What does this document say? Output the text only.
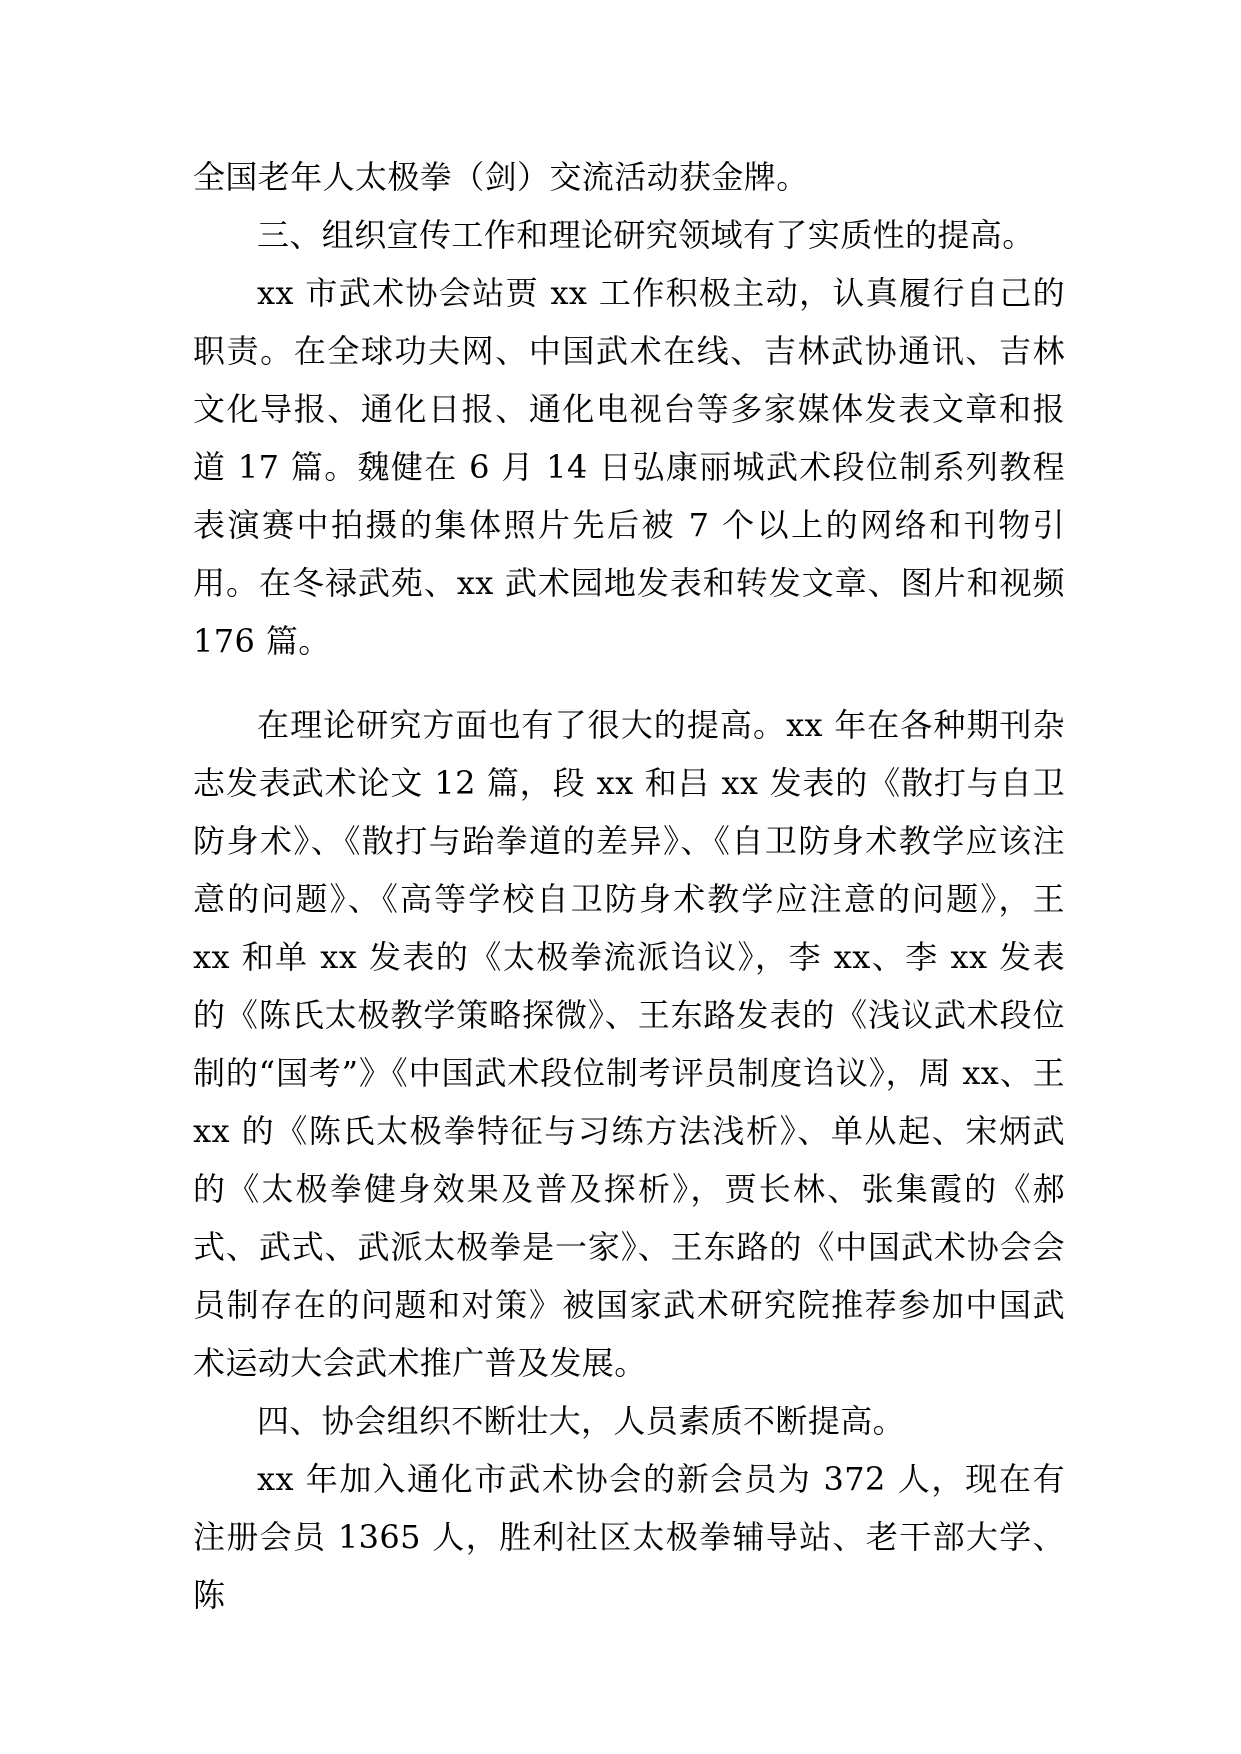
全国老年人太极拳（剑）交流活动获金牌。

三、组织宣传工作和理论研究领域有了实质性的提高。

xx 市武术协会站贾 xx 工作积极主动，认真履行自己的职责。在全球功夫网、中国武术在线、吉林武协通讯、吉林文化导报、通化日报、通化电视台等多家媒体发表文章和报道 17 篇。魏健在 6 月 14 日弘康丽城武术段位制系列教程表演赛中拍摄的集体照片先后被 7 个以上的网络和刊物引用。在冬禄武苑、xx 武术园地发表和转发文章、图片和视频 176 篇。

在理论研究方面也有了很大的提高。xx 年在各种期刊杂志发表武术论文 12 篇，段 xx 和吕 xx 发表的《散打与自卫防身术》、《散打与跆拳道的差异》、《自卫防身术教学应该注意的问题》、《高等学校自卫防身术教学应注意的问题》，王 xx 和单 xx 发表的《太极拳流派诌议》，李 xx、李 xx 发表的《陈氏太极教学策略探微》、王东路发表的《浅议武术段位制的“国考”》《中国武术段位制考评员制度诌议》，周 xx、王 xx 的《陈氏太极拳特征与习练方法浅析》、单从起、宋炳武的《太极拳健身效果及普及探析》，贾长林、张集霞的《郝式、武式、武派太极拳是一家》、王东路的《中国武术协会会员制存在的问题和对策》被国家武术研究院推荐参加中国武术运动大会武术推广普及发展。

四、协会组织不断壮大，人员素质不断提高。

xx 年加入通化市武术协会的新会员为 372 人，现在有注册会员 1365 人，胜利社区太极拳辅导站、老干部大学、陈
